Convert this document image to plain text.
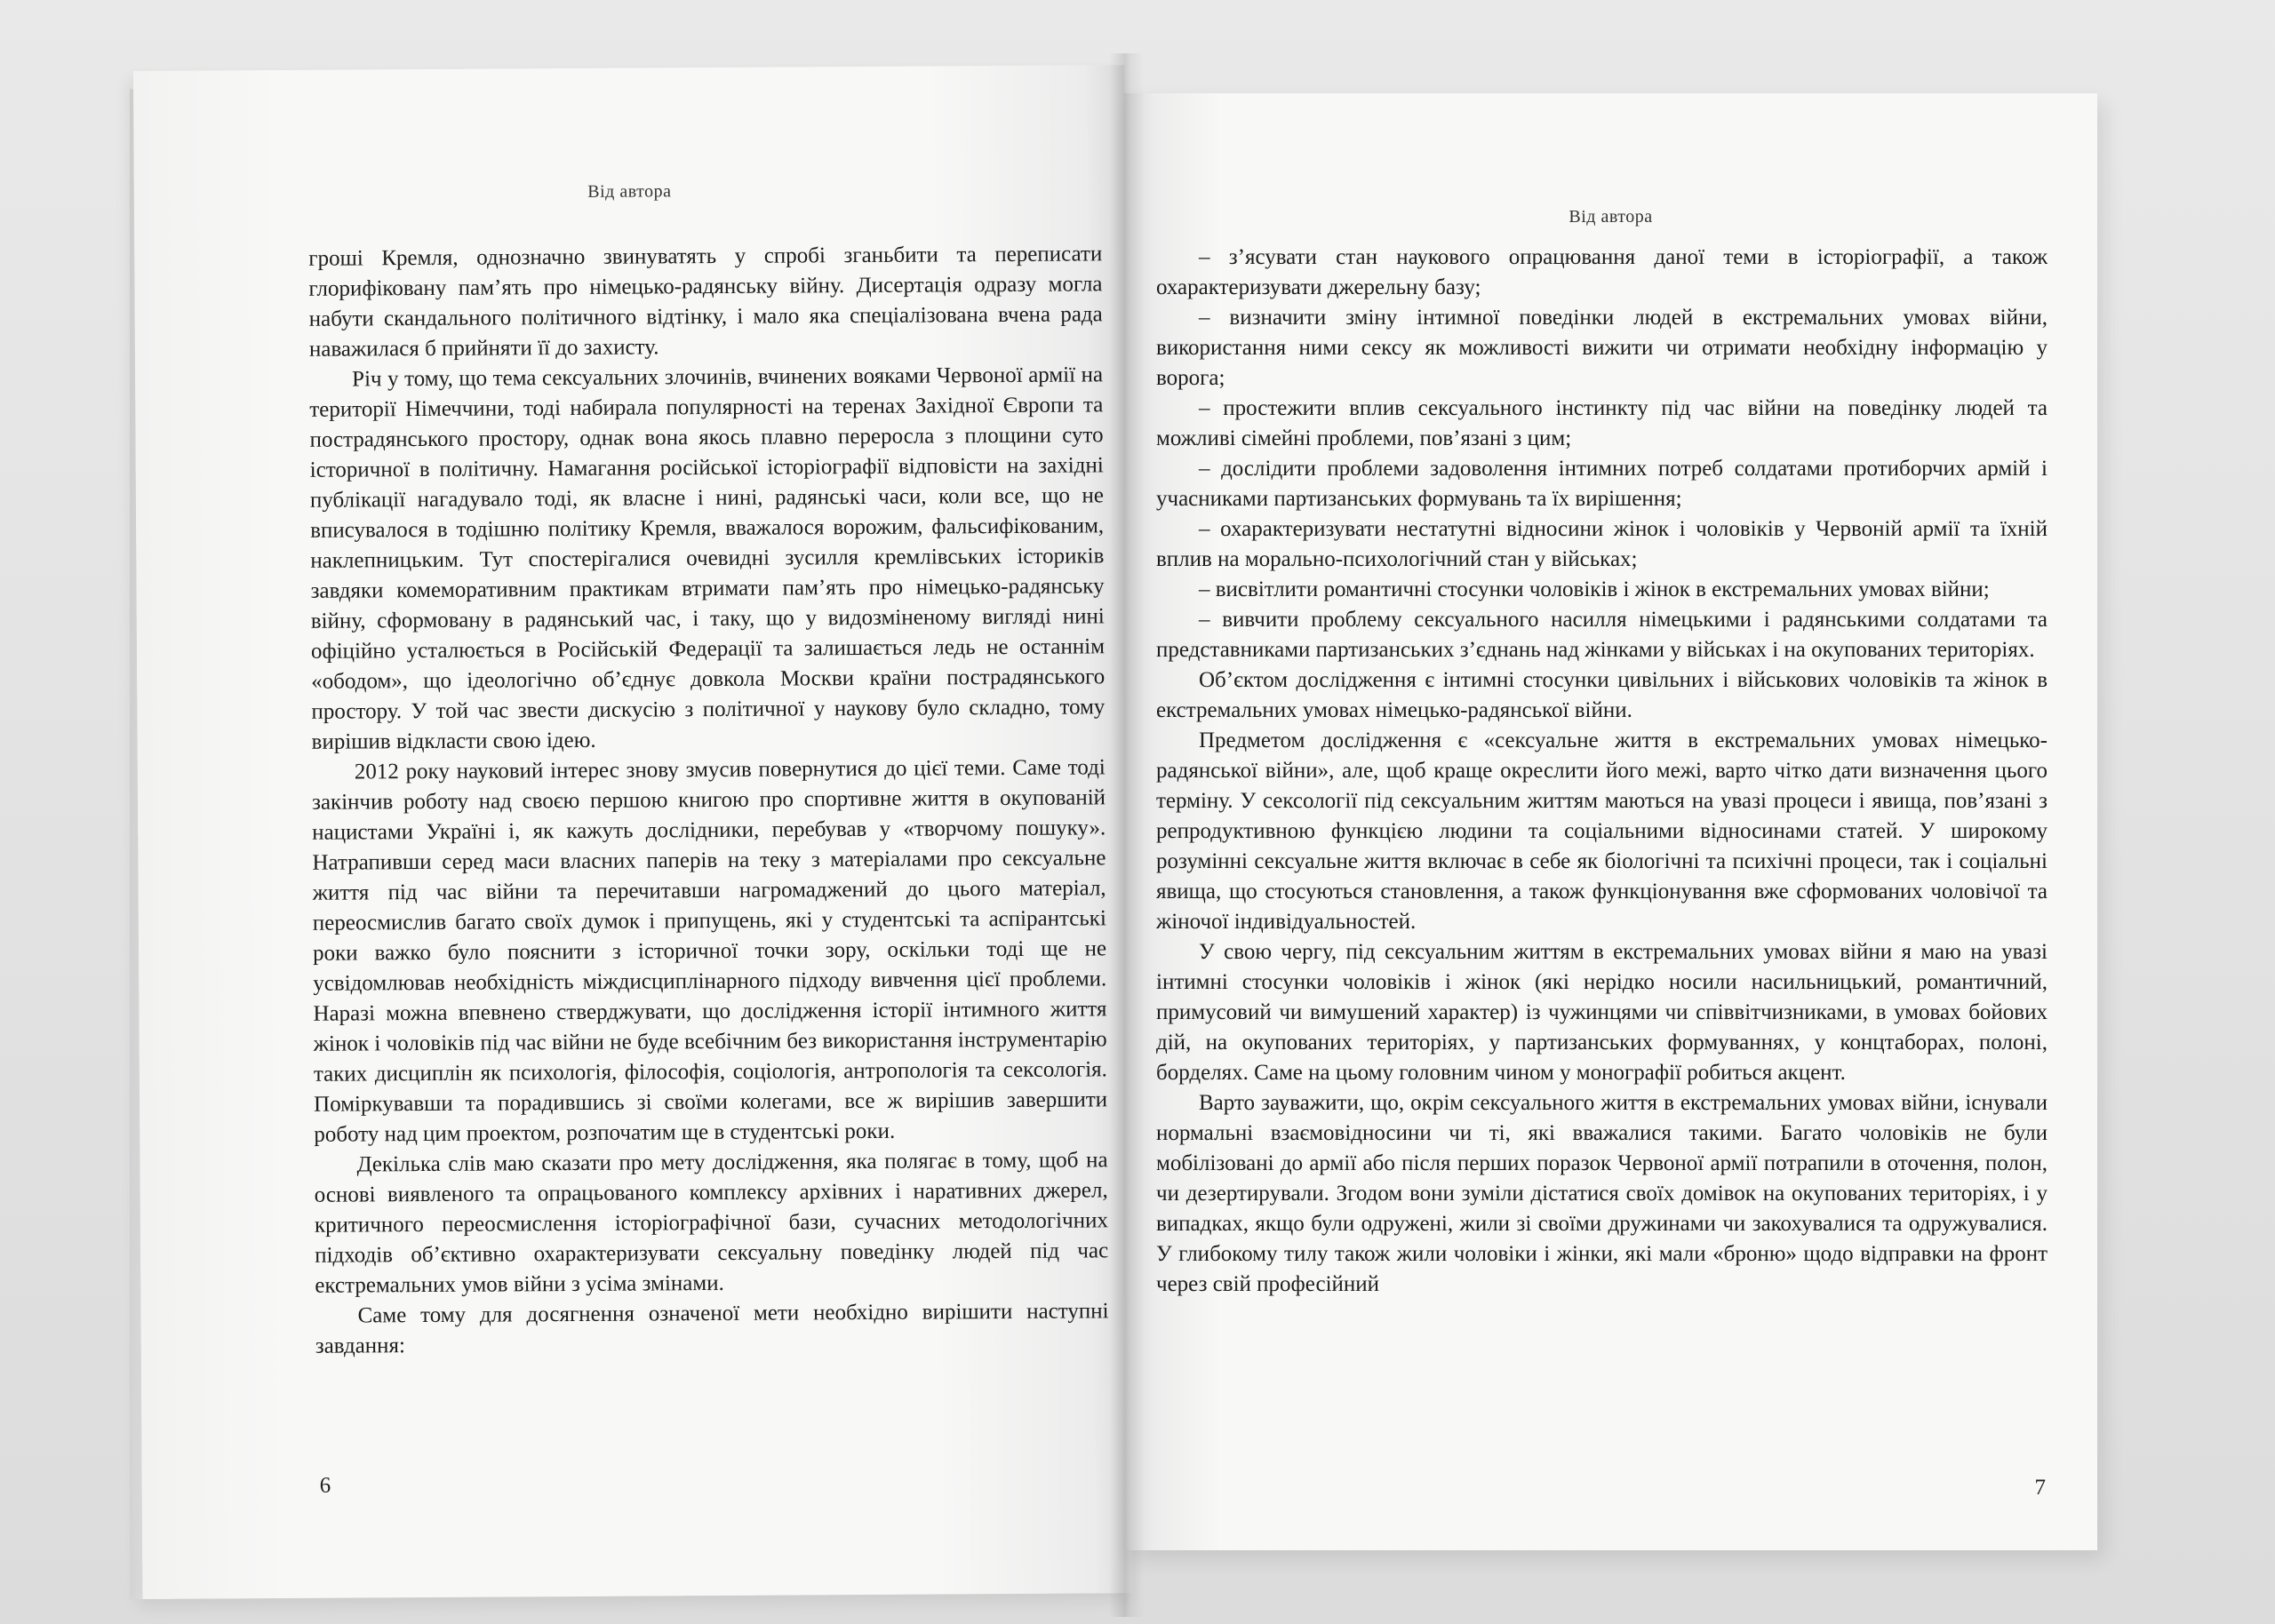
Від автора

гроші Кремля, однозначно звинуватять у спробі зганьбити та переписати глорифіковану пам’ять про німецько-радянську війну. Дисертація одразу могла набути скандального політичного відтінку, і мало яка спеціалізована вчена рада наважилася б прийняти її до захисту.

Річ у тому, що тема сексуальних злочинів, вчинених вояками Червоної армії на території Німеччини, тоді набирала популярності на теренах Західної Європи та пострадянського простору, однак вона якось плавно переросла з площини суто історичної в політичну. Намагання російської історіографії відповісти на західні публікації нагадувало тоді, як власне і нині, радянські часи, коли все, що не вписувалося в тодішню політику Кремля, вважалося ворожим, фальсифікованим, наклепницьким. Тут спостерігалися очевидні зусилля кремлівських істориків завдяки комеморативним практикам втримати пам’ять про німецько-радянську війну, сформовану в радянський час, і таку, що у видозміненому вигляді нині офіційно усталюється в Російській Федерації та залишається ледь не останнім «ободом», що ідеологічно об’єднує довкола Москви країни пострадянського простору. У той час звести дискусію з політичної у наукову було складно, тому вирішив відкласти свою ідею.

2012 року науковий інтерес знову змусив повернутися до цієї теми. Саме тоді закінчив роботу над своєю першою книгою про спортивне життя в окупованій нацистами Україні і, як кажуть дослідники, перебував у «творчому пошуку». Натрапивши серед маси власних паперів на теку з матеріалами про сексуальне життя під час війни та перечитавши нагромаджений до цього матеріал, переосмислив багато своїх думок і припущень, які у студентські та аспірантські роки важко було пояснити з історичної точки зору, оскільки тоді ще не усвідомлював необхідність міждисциплінарного підходу вивчення цієї проблеми. Наразі можна впевнено стверджувати, що дослідження історії інтимного життя жінок і чоловіків під час війни не буде всебічним без використання інструментарію таких дисциплін як психологія, філософія, соціологія, антропологія та сексологія. Поміркувавши та порадившись зі своїми колегами, все ж вирішив завершити роботу над цим проектом, розпочатим ще в студентські роки.

Декілька слів маю сказати про мету дослідження, яка полягає в тому, щоб на основі виявленого та опрацьованого комплексу архівних і наративних джерел, критичного переосмислення історіографічної бази, сучасних методологічних підходів об’єктивно охарактеризувати сексуальну поведінку людей під час екстремальних умов війни з усіма змінами.

Саме тому для досягнення означеної мети необхідно вирішити наступні завдання:

6
Від автора

– з’ясувати стан наукового опрацювання даної теми в історіографії, а також охарактеризувати джерельну базу;

– визначити зміну інтимної поведінки людей в екстремальних умовах війни, використання ними сексу як можливості вижити чи отримати необхідну інформацію у ворога;

– простежити вплив сексуального інстинкту під час війни на поведінку людей та можливі сімейні проблеми, пов’язані з цим;

– дослідити проблеми задоволення інтимних потреб солдатами протиборчих армій і учасниками партизанських формувань та їх вирішення;

– охарактеризувати нестатутні відносини жінок і чоловіків у Червоній армії та їхній вплив на морально-психологічний стан у військах;

– висвітлити романтичні стосунки чоловіків і жінок в екстремальних умовах війни;

– вивчити проблему сексуального насилля німецькими і радянськими солдатами та представниками партизанських з’єднань над жінками у військах і на окупованих територіях.

Об’єктом дослідження є інтимні стосунки цивільних і військових чоловіків та жінок в екстремальних умовах німецько-радянської війни.

Предметом дослідження є «сексуальне життя в екстремальних умовах німецько-радянської війни», але, щоб краще окреслити його межі, варто чітко дати визначення цього терміну. У сексології під сексуальним життям маються на увазі процеси і явища, пов’язані з репродуктивною функцією людини та соціальними відносинами статей. У широкому розумінні сексуальне життя включає в себе як біологічні та психічні процеси, так і соціальні явища, що стосуються становлення, а також функціонування вже сформованих чоловічої та жіночої індивідуальностей.

У свою чергу, під сексуальним життям в екстремальних умовах війни я маю на увазі інтимні стосунки чоловіків і жінок (які нерідко носили насильницький, романтичний, примусовий чи вимушений характер) із чужинцями чи співвітчизниками, в умовах бойових дій, на окупованих територіях, у партизанських формуваннях, у концтаборах, полоні, борделях. Саме на цьому головним чином у монографії робиться акцент.

Варто зауважити, що, окрім сексуального життя в екстремальних умовах війни, існували нормальні взаємовідносини чи ті, які вважалися такими. Багато чоловіків не були мобілізовані до армії або після перших поразок Червоної армії потрапили в оточення, полон, чи дезертирували. Згодом вони зуміли дістатися своїх домівок на окупованих територіях, і у випадках, якщо були одружені, жили зі своїми дружинами чи закохувалися та одружувалися. У глибокому тилу також жили чоловіки і жінки, які мали «броню» щодо відправки на фронт через свій професійний

7
